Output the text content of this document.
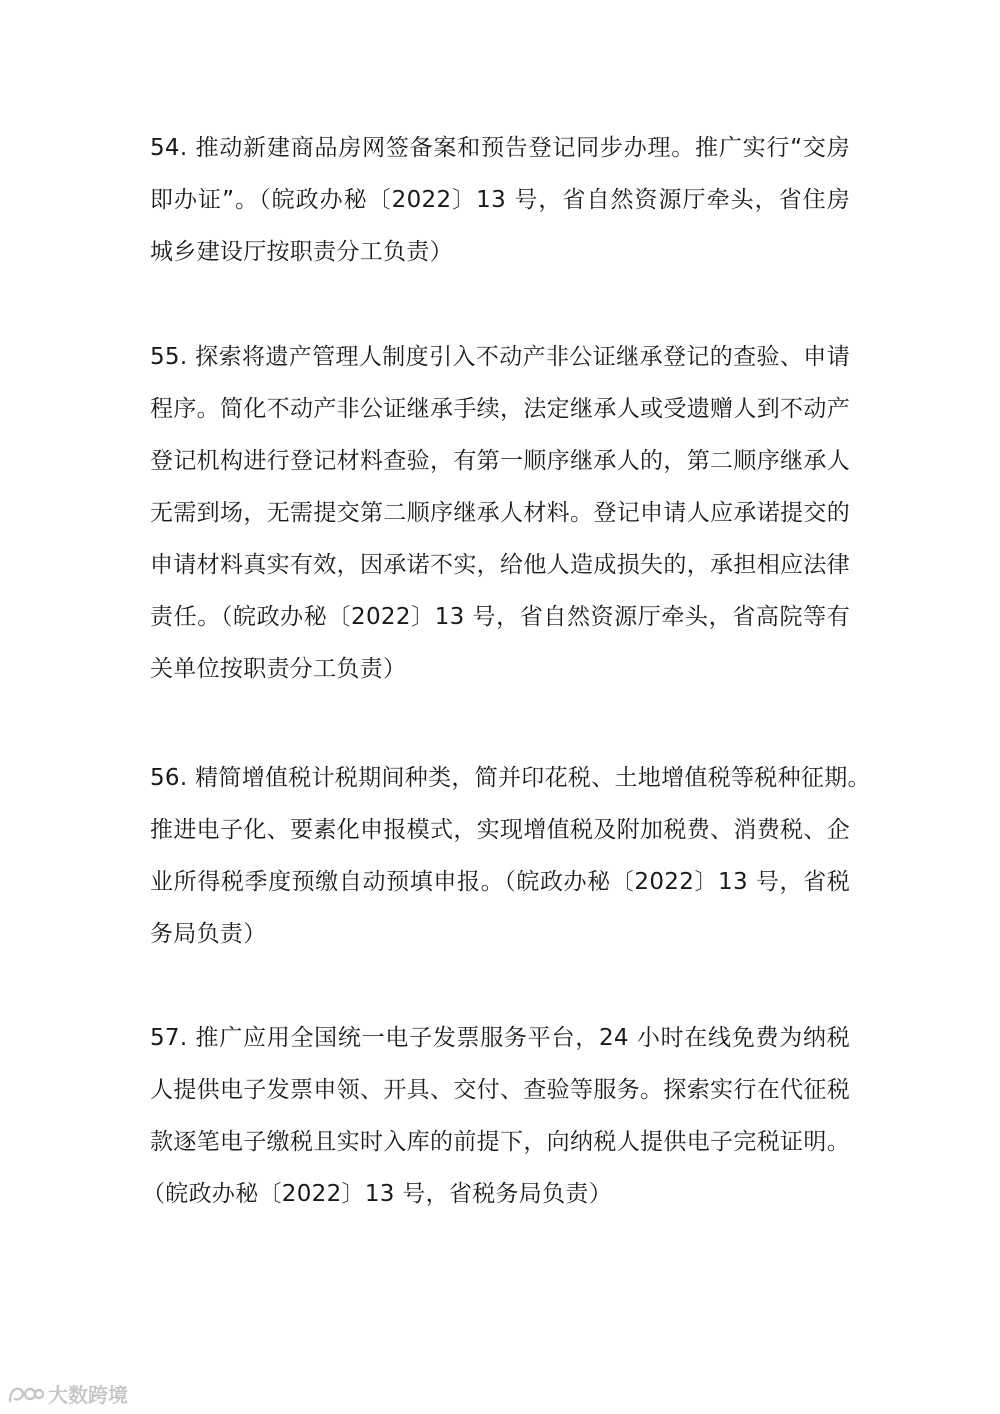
54. 推动新建商品房网签备案和预告登记同步办理。推广实行“交房
即办证”。（皖政办秘〔2022〕13 号，省自然资源厅牵头，省住房
城乡建设厅按职责分工负责）

55. 探索将遗产管理人制度引入不动产非公证继承登记的查验、申请
程序。简化不动产非公证继承手续，法定继承人或受遗赠人到不动产
登记机构进行登记材料查验，有第一顺序继承人的，第二顺序继承人
无需到场，无需提交第二顺序继承人材料。登记申请人应承诺提交的
申请材料真实有效，因承诺不实，给他人造成损失的，承担相应法律
责任。（皖政办秘〔2022〕13 号，省自然资源厅牵头，省高院等有
关单位按职责分工负责）

56. 精简增值税计税期间种类，简并印花税、土地增值税等税种征期。
推进电子化、要素化申报模式，实现增值税及附加税费、消费税、企
业所得税季度预缴自动预填申报。（皖政办秘〔2022〕13 号，省税
务局负责）

57. 推广应用全国统一电子发票服务平台，24 小时在线免费为纳税
人提供电子发票申领、开具、交付、查验等服务。探索实行在代征税
款逐笔电子缴税且实时入库的前提下，向纳税人提供电子完税证明。
（皖政办秘〔2022〕13 号，省税务局负责）

大数跨境
